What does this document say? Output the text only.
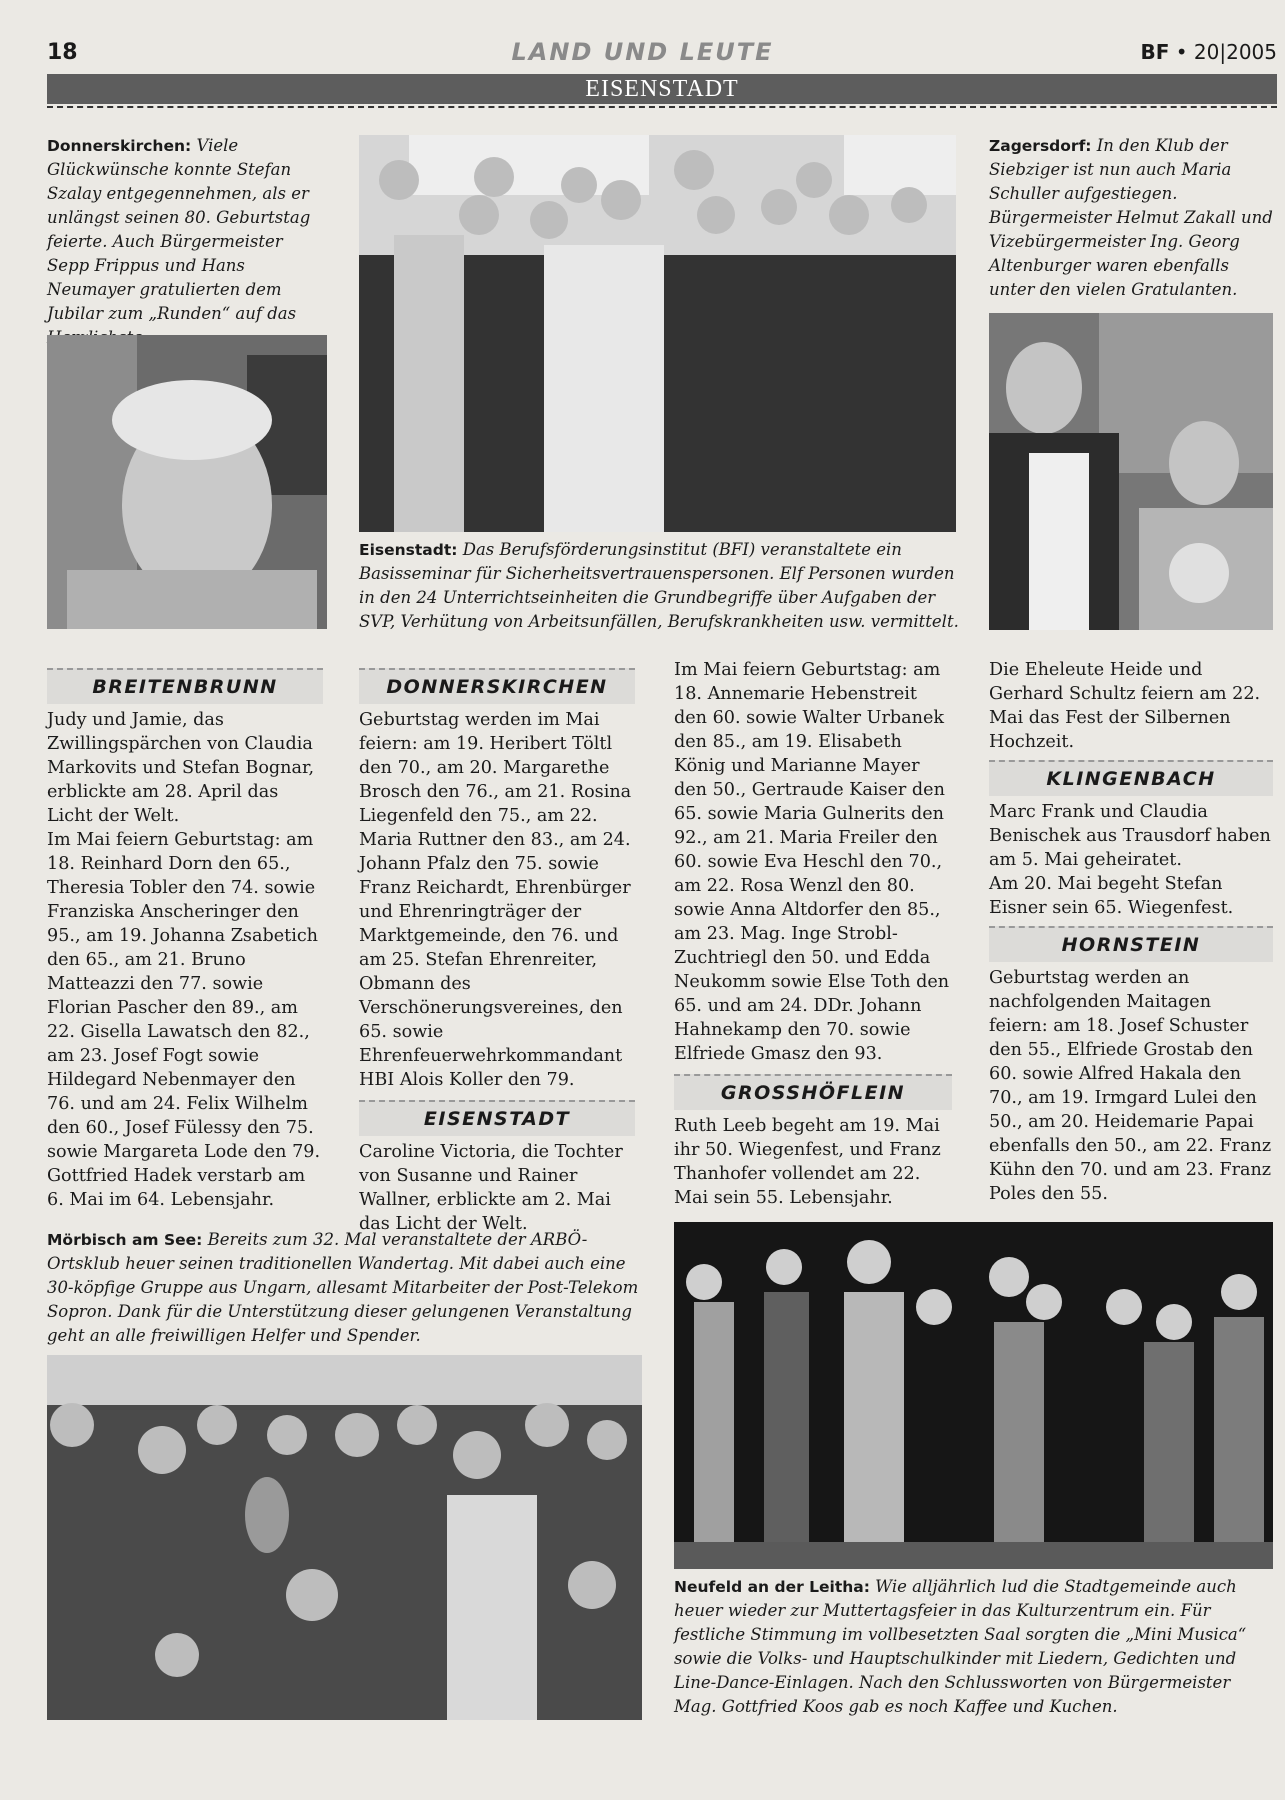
18	LAND UND LEUTE	BF • 20|2005
EISENSTADT
Donnerskirchen: Viele Glückwünsche konnte Stefan Szalay entgegennehmen, als er unlängst seinen 80. Geburtstag feierte. Auch Bürgermeister Sepp Frippus und Hans Neumayer gratulierten dem Jubilar zum „Runden“ auf das
Eisenstadt: Das Berufsförderungsinstitut (BFI) veranstaltete ein Basisseminar für Sicherheitsvertrauenspersonen. Elf Personen wurden in den 24 Unterrichtseinheiten die Grundbegriffe über Aufgaben der SVP, Verhütung von Arbeitsunfällen, Berufskrankheiten usw. vermittelt.
Zagersdorf: In den Klub der Siebziger ist nun auch Maria Schuller aufgestiegen. Bürgermeister Helmut Zakall und Vizebürgermeister Ing. Georg Altenburger waren ebenfalls unter den vielen Gratulanten.
BREITENBRUNN

Judy und Jamie, das Zwillingspärchen von Claudia Markovits und Stefan Bognar, erblickte am 28. April das Licht der Welt.

Im Mai feiern Geburtstag: am 18. Reinhard Dorn den 65., Theresia Tobler den 74. sowie Franziska Anscheringer den 95., am 19. Johanna Zsabetich den 65., am 21. Bruno Matteazzi den 77. sowie Florian Pascher den 89., am 22. Gisella Lawatsch den 82., am 23. Josef Fogt sowie Hildegard Nebenmayer den 76. und am 24. Felix Wilhelm den 60., Josef Fülessy den 75. sowie Margareta Lode den 79.

Gottfried Hadek verstarb am 6. Mai im 64. Lebensjahr.

DONNERSKIRCHEN

Geburtstag werden im Mai feiern: am 19. Heribert Töltl den 70., am 20. Margarethe Brosch den 76., am 21. Rosina Liegenfeld den 75., am 22. Maria Ruttner den 83., am 24. Johann Pfalz den 75. sowie Franz Reichardt, Ehrenbürger und Ehrenringträger der Marktgemeinde, den 76. und am 25. Stefan Ehrenreiter, Obmann des Verschönerungsvereines, den 65. sowie Ehrenfeuerwehrkommandant HBI Alois Koller den 79.

EISENSTADT

Caroline Victoria, die Tochter von Susanne und Rainer Wallner, erblickte am 2. Mai das Licht der Welt.

Im Mai feiern Geburtstag: am 18. Annemarie Hebenstreit den 60. sowie Walter Urbanek den 85., am 19. Elisabeth König und Marianne Mayer den 50., Gertraude Kaiser den 65. sowie Maria Gulnerits den 92., am 21. Maria Freiler den 60. sowie Eva Heschl den 70., am 22. Rosa Wenzl den 80. sowie Anna Altdorfer den 85., am 23. Mag. Inge Strobl-Zuchtriegl den 50. und Edda Neukomm sowie Else Toth den 65. und am 24. DDr. Johann Hahnekamp den 70. sowie Elfriede Gmasz den 93.

GROSSHÖFLEIN

Ruth Leeb begeht am 19. Mai ihr 50. Wiegenfest, und Franz Thanhofer vollendet am 22. Mai sein 55. Lebensjahr.

Die Eheleute Heide und Gerhard Schultz feiern am 22. Mai das Fest der Silbernen Hochzeit.

KLINGENBACH

Marc Frank und Claudia Benischek aus Trausdorf haben am 5. Mai geheiratet.

Am 20. Mai begeht Stefan Eisner sein 65. Wiegenfest.

HORNSTEIN

Geburtstag werden an nachfolgenden Maitagen feiern: am 18. Josef Schuster den 55., Elfriede Grostab den 60. sowie Alfred Hakala den 70., am 19. Irmgard Lulei den 50., am 20. Heidemarie Papai ebenfalls den 50., am 22. Franz Kühn den 70. und am 23. Franz Poles den 55.

Mörbisch am See: Bereits zum 32. Mal veranstaltete der ARBÖ-Ortsklub heuer seinen traditionellen Wandertag. Mit dabei auch eine 30-köpfige Gruppe aus Ungarn, allesamt Mitarbeiter der Post-Telekom Sopron. Dank für die Unterstützung dieser gelungenen Veranstaltung geht an alle freiwilligen Helfer und Spender.
Neufeld an der Leitha: Wie alljährlich lud die Stadtgemeinde auch heuer wieder zur Muttertagsfeier in das Kulturzentrum ein. Für festliche Stimmung im vollbesetzten Saal sorgten die „Mini Musica“ sowie die Volks- und Hauptschulkinder mit Liedern, Gedichten und Line-Dance-Einlagen. Nach den Schlussworten von Bürgermeister Mag. Gottfried Koos gab es noch Kaffee und Kuchen.
